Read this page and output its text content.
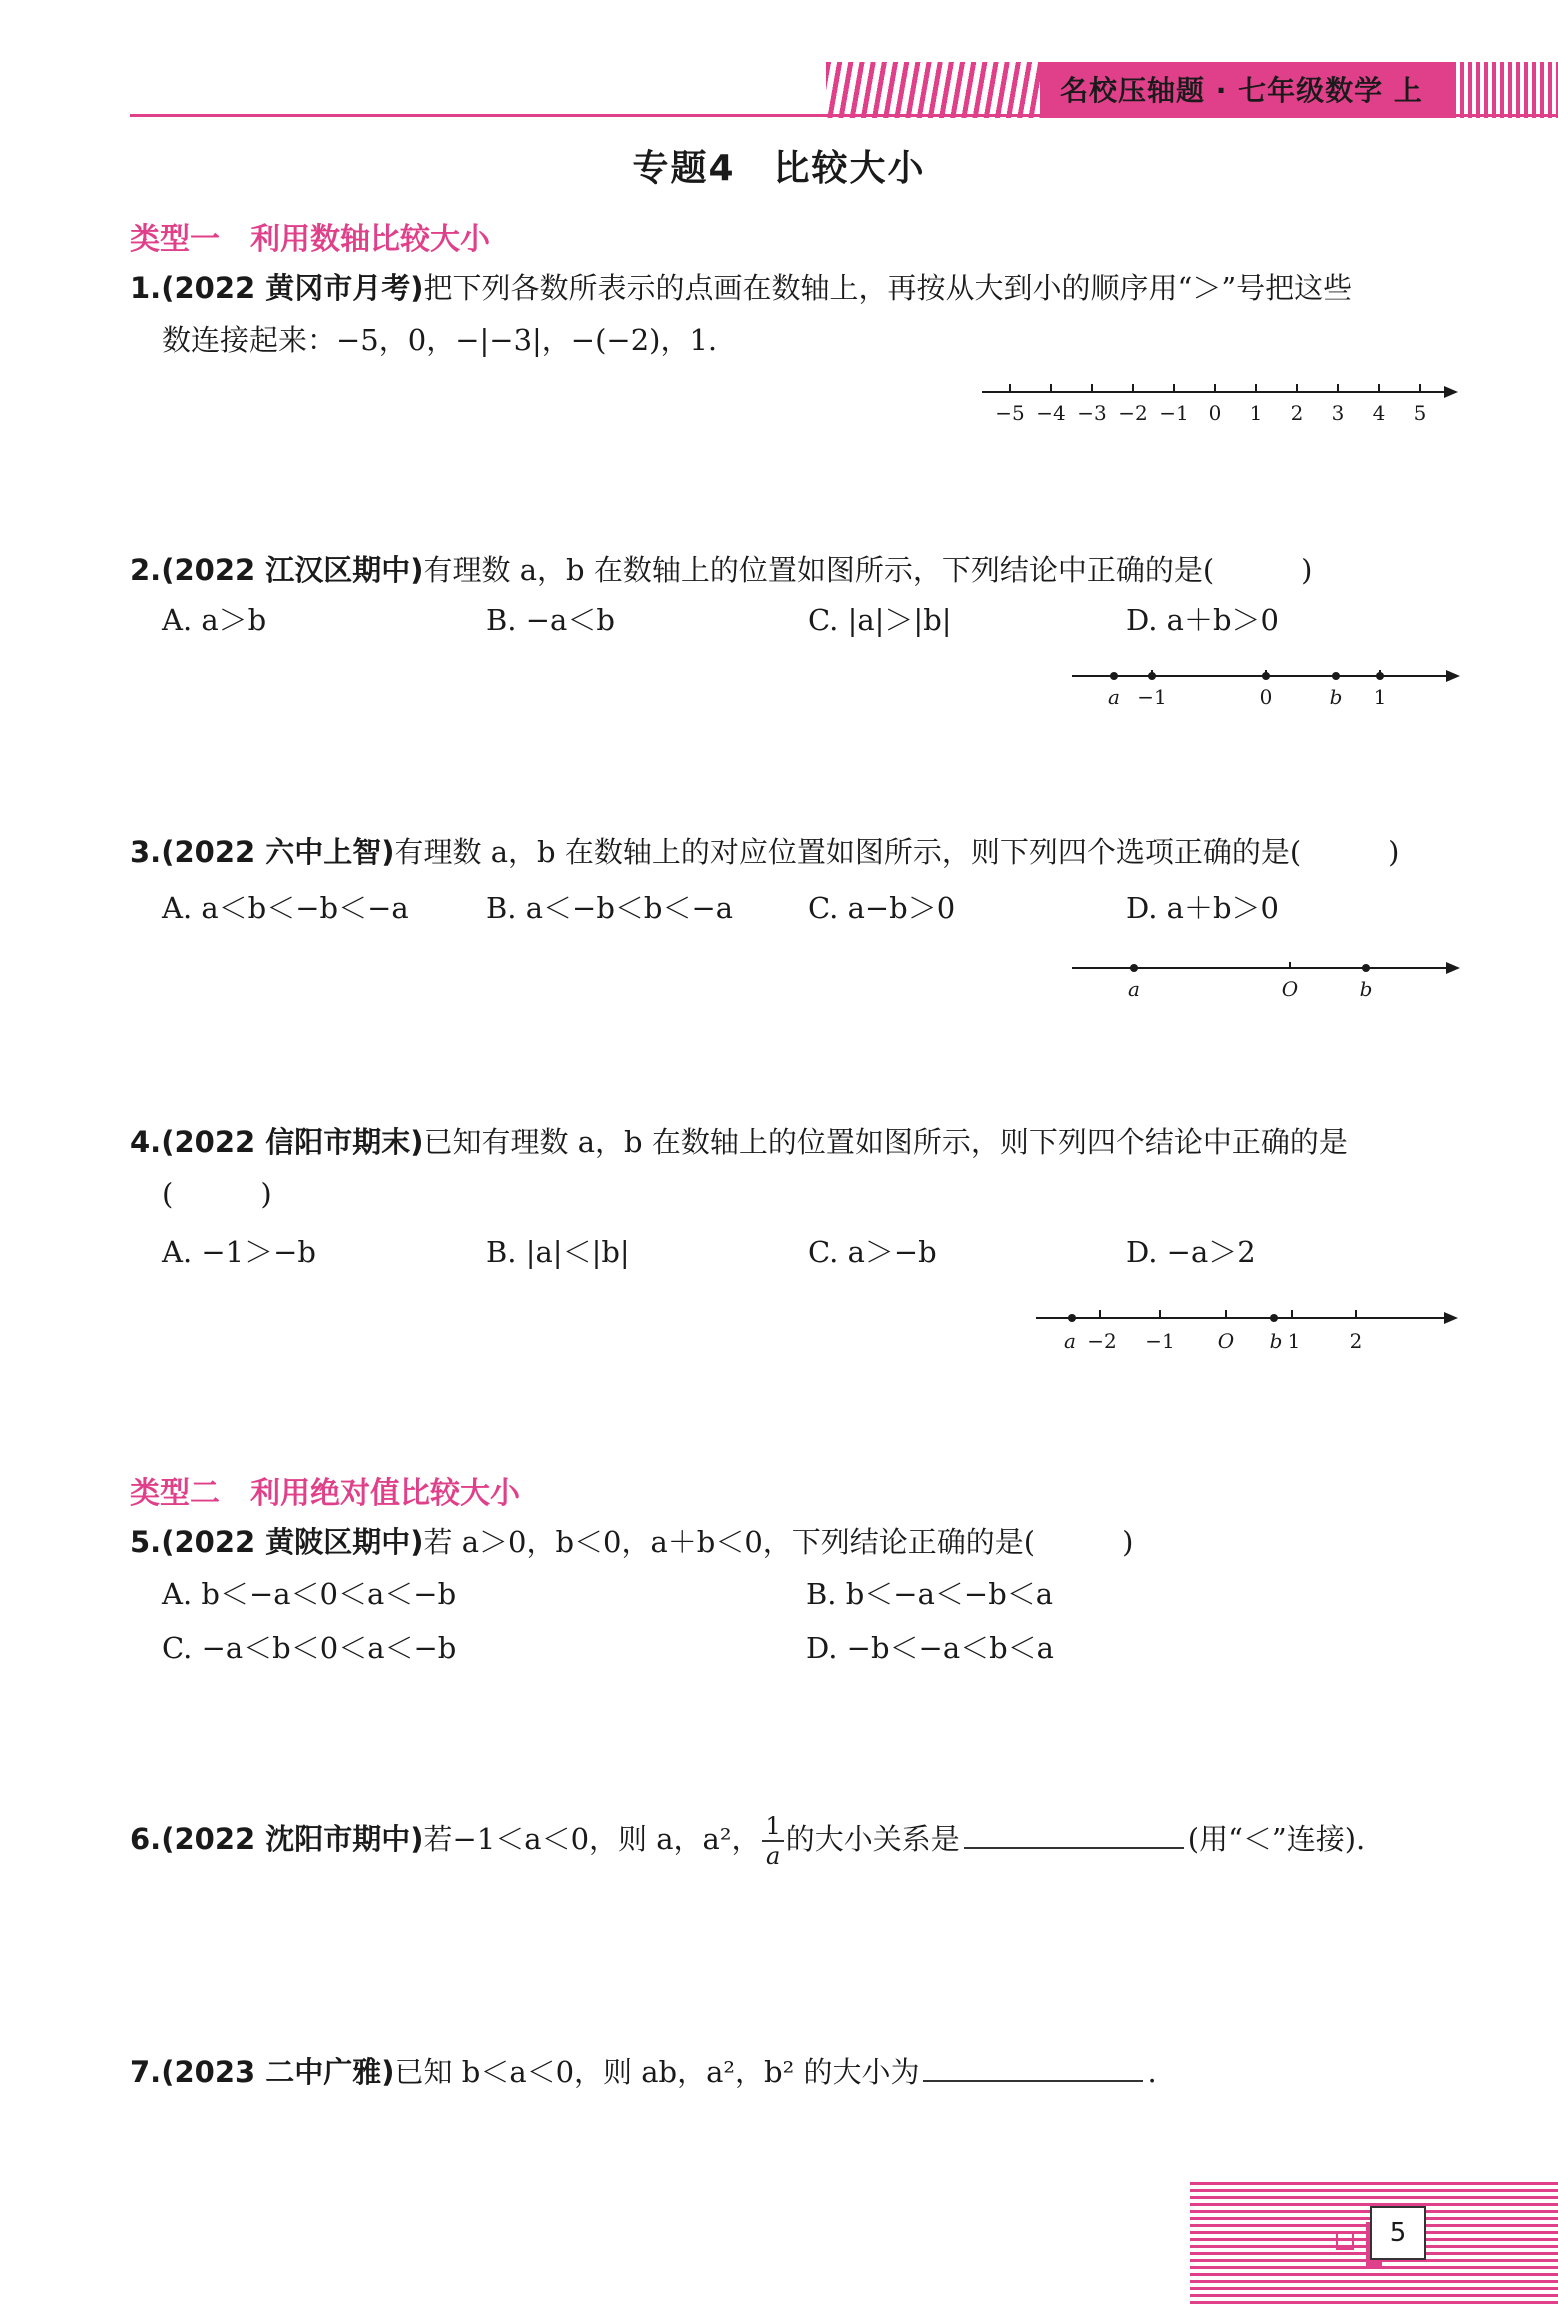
名校压轴题 · 七年级数学 上
专题4　比较大小
类型一　利用数轴比较大小
1.(2022 黄冈市月考)把下列各数所表示的点画在数轴上，再按从大到小的顺序用“＞”号把这些
数连接起来：−5，0，−|−3|，−(−2)，1.
−5 −4 −3 −2 −1 0 1 2 3 4 5
2.(2022 江汉区期中)有理数 a，b 在数轴上的位置如图所示，下列结论中正确的是(　　　)
A. a＞b	B. −a＜b	C. |a|＞|b|	D. a＋b＞0
a −1	0	b 1
3.(2022 六中上智)有理数 a，b 在数轴上的对应位置如图所示，则下列四个选项正确的是(　　　)
A. a＜b＜−b＜−a	B. a＜−b＜b＜−a	C. a−b＞0	D. a＋b＞0
a	O	b
4.(2022 信阳市期末)已知有理数 a，b 在数轴上的位置如图所示，则下列四个结论中正确的是
(　　　)
A. −1＞−b	B. |a|＜|b|	C. a＞−b	D. −a＞2
a −2 −1 O b 1 2
类型二　利用绝对值比较大小
5.(2022 黄陂区期中)若 a＞0，b＜0，a＋b＜0，下列结论正确的是(　　　)
A. b＜−a＜0＜a＜−b	B. b＜−a＜−b＜a
C. −a＜b＜0＜a＜−b	D. −b＜−a＜b＜a
6.(2022 沈阳市期中)若−1＜a＜0，则 a，a²， $\frac{1}{a}$ 的大小关系是	(用“＜”连接).
7.(2023 二中广雅)已知 b＜a＜0，则 ab，a²，b² 的大小为	.
5
